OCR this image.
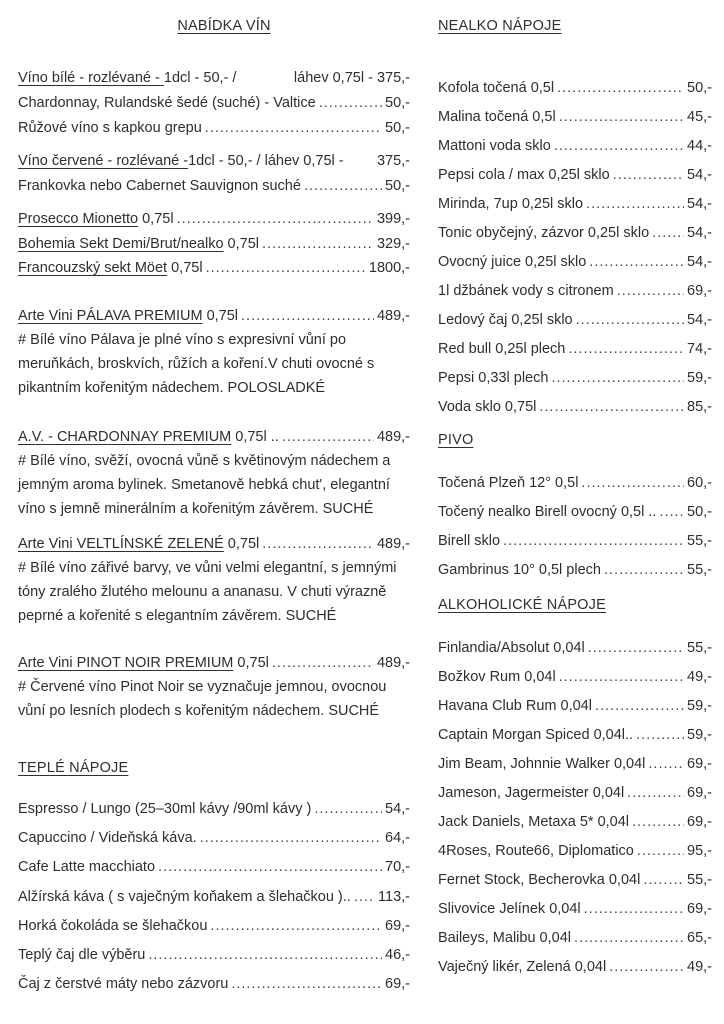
NABÍDKA VÍN
Víno bílé - rozlévané - 1dcl - 50,- /	láhev 0,75l - 375,-
Chardonnay, Rulandské šedé (suché) - Valtice .....	50,-
Růžové víno s kapkou grepu .....	50,-
Víno červené - rozlévané -1dcl - 50,- / láhev 0,75l - 375,-
Frankovka nebo Cabernet Sauvignon suché .....	50,-
Prosecco Mionetto 0,75l .....	399,-
Bohemia Sekt Demi/Brut/nealko 0,75l .....	329,-
Francouzský sekt Möet 0,75l .....	1800,-
Arte Vini PÁLAVA PREMIUM 0,75l .....	489,-
# Bílé víno Pálava je plné víno s expresivní vůní po
meruňkách, broskvích, růžích a koření.V chuti ovocné s
pikantním kořenitým nádechem. POLOSLADKÉ
A.V. - CHARDONNAY PREMIUM 0,75l .. .....	489,-
# Bílé víno, svěží, ovocná vůně s květinovým nádechem a
jemným aroma bylinek. Smetanově hebká chut', elegantní
víno s jemně minerálním a kořenitým závěrem. SUCHÉ
Arte Vini VELTLÍNSKÉ ZELENÉ 0,75l .....	489,-
# Bílé víno zářivé barvy, ve vůni velmi elegantní, s jemnými
tóny zralého žlutého melounu a ananasu. V chuti výrazně
peprné a kořenité s elegantním závěrem. SUCHÉ
Arte Vini PINOT NOIR PREMIUM 0,75l .....	489,-
# Červené víno Pinot Noir se vyznačuje jemnou, ovocnou
vůní po lesních plodech s kořenitým nádechem. SUCHÉ
TEPLÉ NÁPOJE
Espresso / Lungo (25–30ml kávy /90ml kávy ) .....	54,-
Capuccino / Videňská káva. .....	64,-
Cafe Latte macchiato .....	70,-
Alžírská káva ( s vaječným koňakem a šlehačkou ).. ..... 113,-
Horká čokoláda se šlehačkou .....	69,-
Teplý čaj dle výběru .....	46,-
Čaj z čerstvé máty nebo zázvoru .....	69,-
NEALKO NÁPOJE
Kofola točená 0,5l .....	50,-
Malina točená 0,5l .....	45,-
Mattoni voda sklo .....	44,-
Pepsi cola / max 0,25l sklo .....	54,-
Mirinda, 7up 0,25l sklo .....	54,-
Tonic obyčejný, zázvor 0,25l sklo .....	54,-
Ovocný juice 0,25l sklo .....	54,-
1l džbánek vody s citronem .....	69,-
Ledový čaj 0,25l sklo .....	54,-
Red bull 0,25l plech .....	74,-
Pepsi 0,33l plech .....	59,-
Voda sklo 0,75l .....	85,-
PIVO
Točená Plzeň 12° 0,5l .....	60,-
Točený nealko Birell ovocný 0,5l .. ..... 50,-
Birell sklo .....	55,-
Gambrinus 10° 0,5l plech .....	55,-
ALKOHOLICKÉ NÁPOJE
Finlandia/Absolut 0,04l .....	55,-
Božkov Rum 0,04l .....	49,-
Havana Club Rum 0,04l .....	59,-
Captain Morgan Spiced 0,04l.. .....	59,-
Jim Beam, Johnnie Walker 0,04l .....	69,-
Jameson, Jagermeister 0,04l .....	69,-
Jack Daniels, Metaxa 5* 0,04l .....	69,-
4Roses, Route66, Diplomatico .....	95,-
Fernet Stock, Becherovka 0,04l .....	55,-
Slivovice Jelínek 0,04l .....	69,-
Baileys, Malibu 0,04l .....	65,-
Vaječný likér, Zelená 0,04l .....	49,-
